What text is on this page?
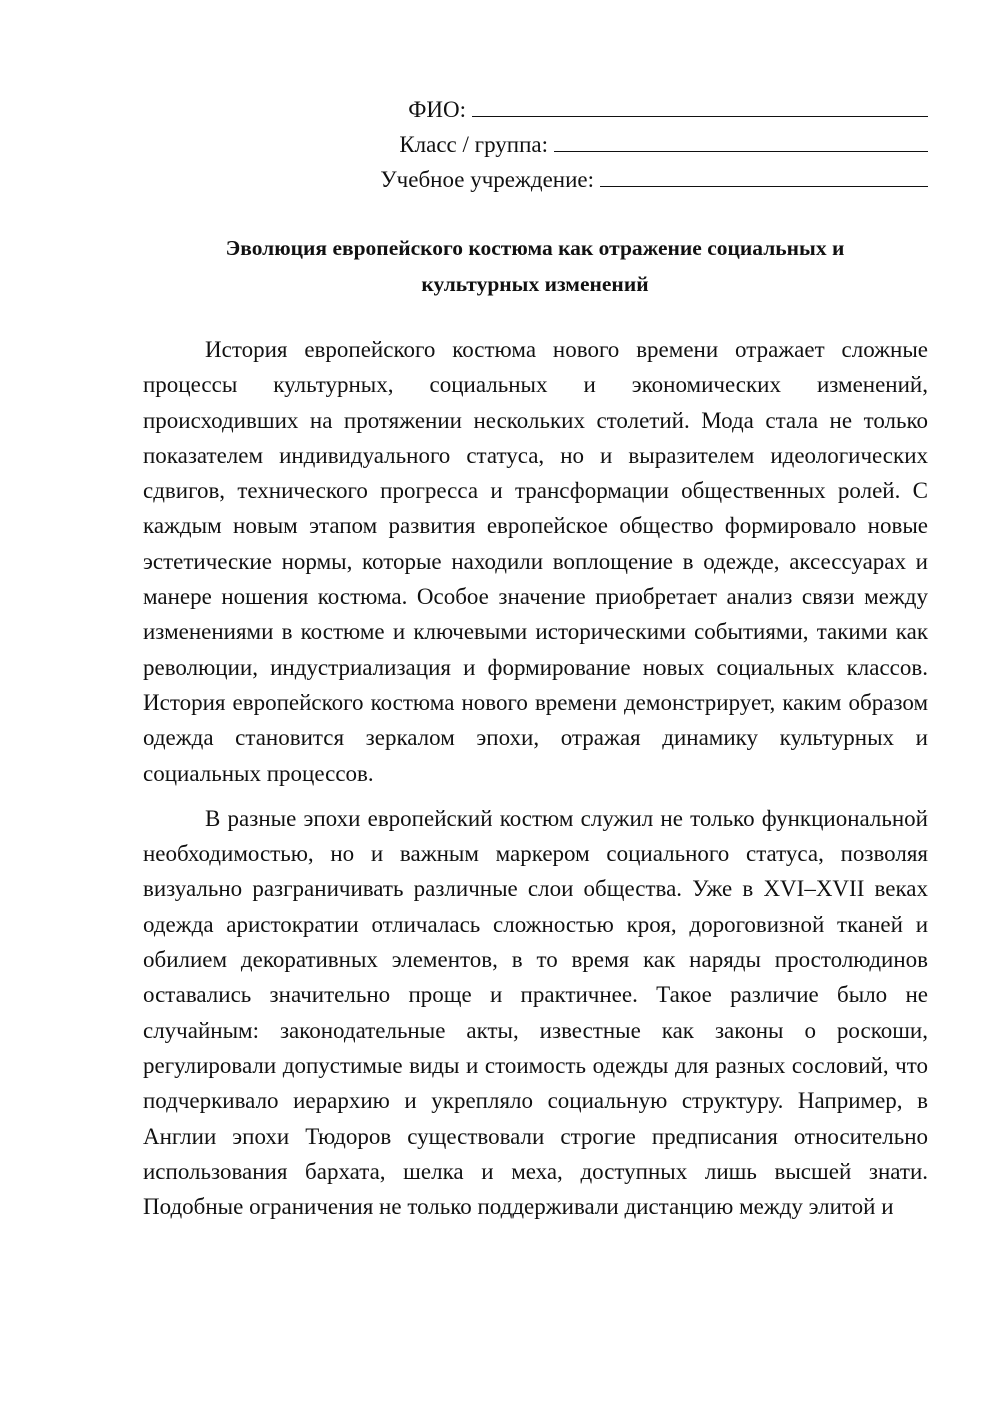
ФИО:
Класс / группа:
Учебное учреждение:
Эволюция европейского костюма как отражение социальных и
культурных изменений

История европейского костюма нового времени отражает сложные процессы культурных, социальных и экономических изменений, происходивших на протяжении нескольких столетий. Мода стала не только показателем индивидуального статуса, но и выразителем идеологических сдвигов, технического прогресса и трансформации общественных ролей. С каждым новым этапом развития европейское общество формировало новые эстетические нормы, которые находили воплощение в одежде, аксессуарах и манере ношения костюма. Особое значение приобретает анализ связи между изменениями в костюме и ключевыми историческими событиями, такими как революции, индустриализация и формирование новых социальных классов. История европейского костюма нового времени демонстрирует, каким образом одежда становится зеркалом эпохи, отражая динамику культурных и социальных процессов.

В разные эпохи европейский костюм служил не только функциональной необходимостью, но и важным маркером социального статуса, позволяя визуально разграничивать различные слои общества. Уже в XVI–XVII веках одежда аристократии отличалась сложностью кроя, дороговизной тканей и обилием декоративных элементов, в то время как наряды простолюдинов оставались значительно проще и практичнее. Такое различие было не случайным: законодательные акты, известные как законы о роскоши, регулировали допустимые виды и стоимость одежды для разных сословий, что подчеркивало иерархию и укрепляло социальную структуру. Например, в Англии эпохи Тюдоров существовали строгие предписания относительно использования бархата, шелка и меха, доступных лишь высшей знати. Подобные ограничения не только поддерживали дистанцию между элитой и
